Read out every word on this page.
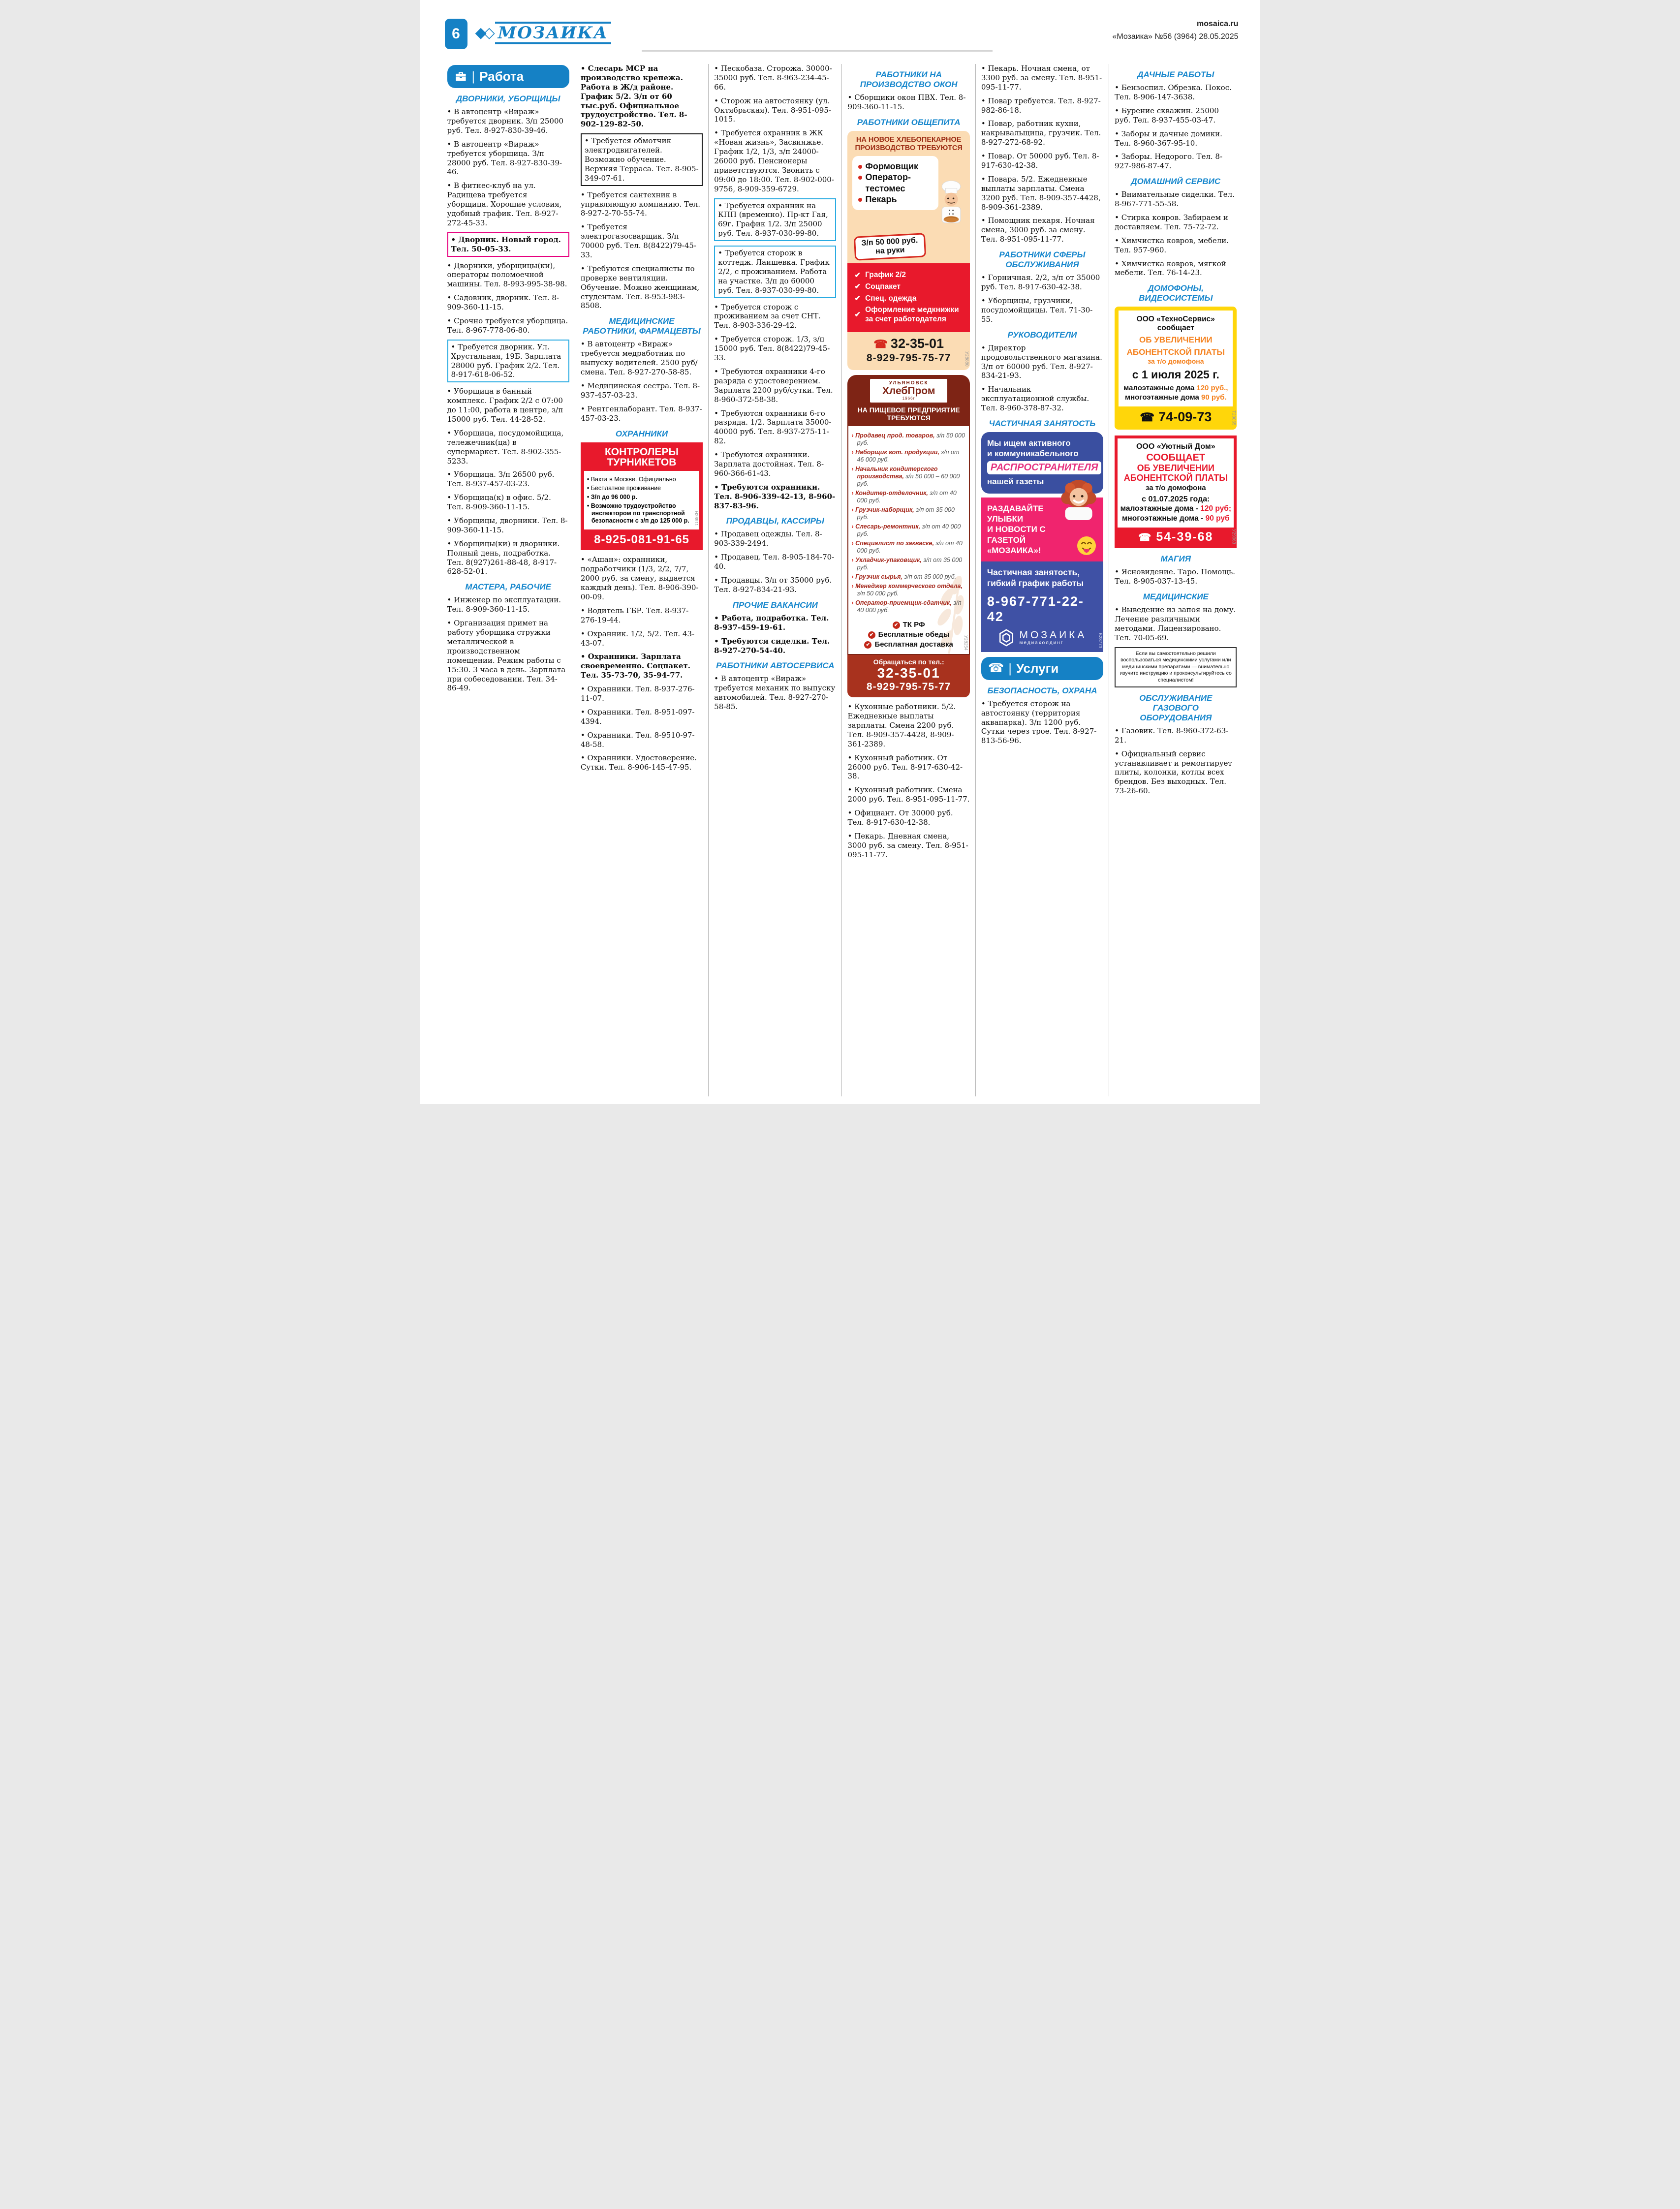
6	◆◇ МОЗАИКА	mosaica.ru
«Мозаика» №56 (3964) 28.05.2025
| Работа
ДВОРНИКИ, УБОРЩИЦЫ
• В автоцентр «Вираж» требуется дворник. З/п 25000 руб. Тел. 8-927-830-39-46.
• В автоцентр «Вираж» требуется уборщица. З/п 28000 руб. Тел. 8-927-830-39-46.
• В фитнес-клуб на ул. Радищева требуется уборщица. Хорошие условия, удобный график. Тел. 8-927-272-45-33.
• Дворник. Новый город. Тел. 50-05-33.
• Дворники, уборщицы(ки), операторы поломоечной машины. Тел. 8-993-995-38-98.
• Садовник, дворник. Тел. 8-909-360-11-15.
• Срочно требуется уборщица. Тел. 8-967-778-06-80.
• Требуется дворник. Ул. Хрустальная, 19Б. Зарплата 28000 руб. График 2/2. Тел. 8-917-618-06-52.
• Уборщица в банный комплекс. График 2/2 с 07:00 до 11:00, работа в центре, з/п 15000 руб. Тел. 44-28-52.
• Уборщица, посудомойщица, тележечник(ца) в супермаркет. Тел. 8-902-355-5233.
• Уборщица. З/п 26500 руб. Тел. 8-937-457-03-23.
• Уборщица(к) в офис. 5/2. Тел. 8-909-360-11-15.
• Уборщицы, дворники. Тел. 8-909-360-11-15.
• Уборщицы(ки) и дворники. Полный день, подработка. Тел. 8(927)261-88-48, 8-917-628-52-01.
МАСТЕРА, РАБОЧИЕ
• Инженер по эксплуатации. Тел. 8-909-360-11-15.
• Организация примет на работу уборщика стружки металлической в производственном помещении. Режим работы с 15:30. 3 часа в день. Зарплата при собеседовании. Тел. 34-86-49.
• Слесарь МСР на производство крепежа. Работа в Ж/д районе. График 5/2. З/п от 60 тыс.руб. Официальное трудоустройство. Тел. 8-902-129-82-50.
• Требуется обмотчик электродвигателей. Возможно обучение. Верхняя Терраса. Тел. 8-905-349-07-61.
• Требуется сантехник в управляющую компанию. Тел. 8-927-2-70-55-74.
• Требуется электрогазосварщик. З/п 70000 руб. Тел. 8(8422)79-45-33.
• Требуются специалисты по проверке вентиляции. Обучение. Можно женщинам, студентам. Тел. 8-953-983-8508.
МЕДИЦИНСКИЕ РАБОТНИКИ, ФАРМАЦЕВТЫ
• В автоцентр «Вираж» требуется медработник по выпуску водителей. 2500 руб/смена. Тел. 8-927-270-58-85.
• Медицинская сестра. Тел. 8-937-457-03-23.
• Рентгенлаборант. Тел. 8-937-457-03-23.
ОХРАННИКИ
КОНТРОЛЕРЫ ТУРНИКЕТОВ
• Вахта в Москве. Официально
• Бесплатное проживание
• З/п до 96 000 р.
• Возможно трудоустройство инспектором по транспортной безопасности с з/п до 125 000 р.	Н26911
8-925-081-91-65
• «Ашан»: охранники, подработчики (1/3, 2/2, 7/7, 2000 руб. за смену, выдается каждый день). Тел. 8-906-390-00-09.
• Водитель ГБР. Тел. 8-937-276-19-44.
• Охранник. 1/2, 5/2. Тел. 43-43-07.
• Охранники. Зарплата своевременно. Соцпакет. Тел. 35-73-70, 35-94-77.
• Охранники. Тел. 8-937-276-11-07.
• Охранники. Тел. 8-951-097-4394.
• Охранники. Тел. 8-9510-97-48-58.
• Охранники. Удостоверение. Сутки. Тел. 8-906-145-47-95.
• Пескобаза. Сторожа. 30000-35000 руб. Тел. 8-963-234-45-66.
• Сторож на автостоянку (ул. Октябрьская). Тел. 8-951-095-1015.
• Требуется охранник в ЖК «Новая жизнь», Засвияжье. График 1/2, 1/3, з/п 24000-26000 руб. Пенсионеры приветствуются. Звонить с 09:00 до 18:00. Тел. 8-902-000-9756, 8-909-359-6729.
• Требуется охранник на КПП (временно). Пр-кт Гая, 69г. График 1/2. З/п 25000 руб. Тел. 8-937-030-99-80.
• Требуется сторож в коттедж. Лаишевка. График 2/2, с проживанием. Работа на участке. З/п до 60000 руб. Тел. 8-937-030-99-80.
• Требуется сторож с проживанием за счет СНТ. Тел. 8-903-336-29-42.
• Требуется сторож. 1/3, з/п 15000 руб. Тел. 8(8422)79-45-33.
• Требуются охранники 4-го разряда с удостоверением. Зарплата 2200 руб/сутки. Тел. 8-960-372-58-38.
• Требуются охранники 6-го разряда. 1/2. Зарплата 35000-40000 руб. Тел. 8-937-275-11-82.
• Требуются охранники. Зарплата достойная. Тел. 8-960-366-61-43.
• Требуются охранники. Тел. 8-906-339-42-13, 8-960-837-83-96.
ПРОДАВЦЫ, КАССИРЫ
• Продавец одежды. Тел. 8-903-339-2494.
• Продавец. Тел. 8-905-184-70-40.
• Продавцы. З/п от 35000 руб. Тел. 8-927-834-21-93.
ПРОЧИЕ ВАКАНСИИ
• Работа, подработка. Тел. 8-937-459-19-61.
• Требуются сиделки. Тел. 8-927-270-54-40.
РАБОТНИКИ АВТОСЕРВИСА
• В автоцентр «Вираж» требуется механик по выпуску автомобилей. Тел. 8-927-270-58-85.
РАБОТНИКИ НА ПРОИЗВОДСТВО ОКОН
• Сборщики окон ПВХ. Тел. 8-909-360-11-15.
РАБОТНИКИ ОБЩЕПИТА
НА НОВОЕ ХЛЕБОПЕКАРНОЕ ПРОИЗВОДСТВО ТРЕБУЮТСЯ
Формовщик
Оператор-тестомес
Пекарь
З/п 50 000 руб.
на руки
✔
График 2/2
✔
Соцпакет
✔
Спец. одежда
✔
Оформление медкнижки за счет работодателя
☎ 32-35-01
8-929-795-75-77	У28880
УЛЬЯНОВСК
ХлебПром
1966г
НА ПИЩЕВОЕ ПРЕДПРИЯТИЕ ТРЕБУЮТСЯ
› Продавец прод. товаров, з/п 50 000 руб.
› Наборщик гот. продукции, з/п от 46 000 руб.
› Начальник кондитерского производства, з/п 50 000 – 60 000 руб.
› Кондитер-отделочник, з/п от 40 000 руб.
› Грузчик-наборщик, з/п от 35 000 руб.
› Слесарь-ремонтник, з/п от 40 000 руб.
› Специалист по закваске, з/п от 40 000 руб.
› Укладчик-упаковщик, з/п от 35 000 руб.
› Грузчик сырья, з/п от 35 000 руб.
› Менеджер коммерческого отдела, з/п 50 000 руб.
› Оператор-приемщик-сдатчик, з/п 40 000 руб.
✔ТК РФ
✔Бесплатные обеды
✔Бесплатная доставка	У28254
Обращаться по тел.:
32-35-01
8-929-795-75-77
• Кухонные работники. 5/2. Ежедневные выплаты зарплаты. Смена 2200 руб. Тел. 8-909-357-4428, 8-909-361-2389.
• Кухонный работник. От 26000 руб. Тел. 8-917-630-42-38.
• Кухонный работник. Смена 2000 руб. Тел. 8-951-095-11-77.
• Официант. От 30000 руб. Тел. 8-917-630-42-38.
• Пекарь. Дневная смена, 3000 руб. за смену. Тел. 8-951-095-11-77.
• Пекарь. Ночная смена, от 3300 руб. за смену. Тел. 8-951-095-11-77.
• Повар требуется. Тел. 8-927-982-86-18.
• Повар, работник кухни, накрывальщица, грузчик. Тел. 8-927-272-68-92.
• Повар. От 50000 руб. Тел. 8-917-630-42-38.
• Повара. 5/2. Ежедневные выплаты зарплаты. Смена 3200 руб. Тел. 8-909-357-4428, 8-909-361-2389.
• Помощник пекаря. Ночная смена, 3000 руб. за смену. Тел. 8-951-095-11-77.
РАБОТНИКИ СФЕРЫ ОБСЛУЖИВАНИЯ
• Горничная. 2/2, з/п от 35000 руб. Тел. 8-917-630-42-38.
• Уборщицы, грузчики, посудомойщицы. Тел. 71-30-55.
РУКОВОДИТЕЛИ
• Директор продовольственного магазина. З/п от 60000 руб. Тел. 8-927-834-21-93.
• Начальник эксплуатационной службы. Тел. 8-960-378-87-32.
ЧАСТИЧНАЯ ЗАНЯТОСТЬ
Мы ищем активного
и коммуникабельного
РАСПРОСТРАНИТЕЛЯ
нашей газеты
РАЗДАВАЙТЕ УЛЫБКИ
И НОВОСТИ С ГАЗЕТОЙ
«МОЗАИКА»!
Частичная занятость,
гибкий график работы
8-967-771-22-42
МОЗАИКА
медиахолдинг	В28773
☎ | Услуги
БЕЗОПАСНОСТЬ, ОХРАНА
• Требуется сторож на автостоянку (территория аквапарка). З/п 1200 руб. Сутки через трое. Тел. 8-927-813-56-96.
ДАЧНЫЕ РАБОТЫ
• Бензоспил. Обрезка. Покос. Тел. 8-906-147-3638.
• Бурение скважин. 25000 руб. Тел. 8-937-455-03-47.
• Заборы и дачные домики. Тел. 8-960-367-95-10.
• Заборы. Недорого. Тел. 8-927-986-87-47.
ДОМАШНИЙ СЕРВИС
• Внимательные сиделки. Тел. 8-967-771-55-58.
• Стирка ковров. Забираем и доставляем. Тел. 75-72-72.
• Химчистка ковров, мебели. Тел. 957-960.
• Химчистка ковров, мягкой мебели. Тел. 76-14-23.
ДОМОФОНЫ, ВИДЕОСИСТЕМЫ
ООО «ТехноСервис» сообщает
ОБ УВЕЛИЧЕНИИ
АБОНЕНТСКОЙ ПЛАТЫ
за т/о домофона
с 1 июля 2025 г.
малоэтажные дома 120 руб.,
многоэтажные дома 90 руб.
☎ 74-09-73	Т29065
ООО «Уютный Дом»
СООБЩАЕТ
ОБ УВЕЛИЧЕНИИ
АБОНЕНТСКОЙ ПЛАТЫ
за т/о домофона
с 01.07.2025 года:
малоэтажные дома - 120 руб;
многоэтажные дома - 90 руб
У29063
☎ 54-39-68
МАГИЯ
• Ясновидение. Таро. Помощь. Тел. 8-905-037-13-45.
МЕДИЦИНСКИЕ
• Выведение из запоя на дому. Лечение различными методами. Лицензировано. Тел. 70-05-69.
Если вы самостоятельно решили воспользоваться медицинскими услугами или медицинскими препаратами — внимательно изучите инструкцию и проконсультируйтесь со специалистом!
ОБСЛУЖИВАНИЕ ГАЗОВОГО ОБОРУДОВАНИЯ
• Газовик. Тел. 8-960-372-63-21.
• Официальный сервис устанавливает и ремонтирует плиты, колонки, котлы всех брендов. Без выходных. Тел. 73-26-60.
